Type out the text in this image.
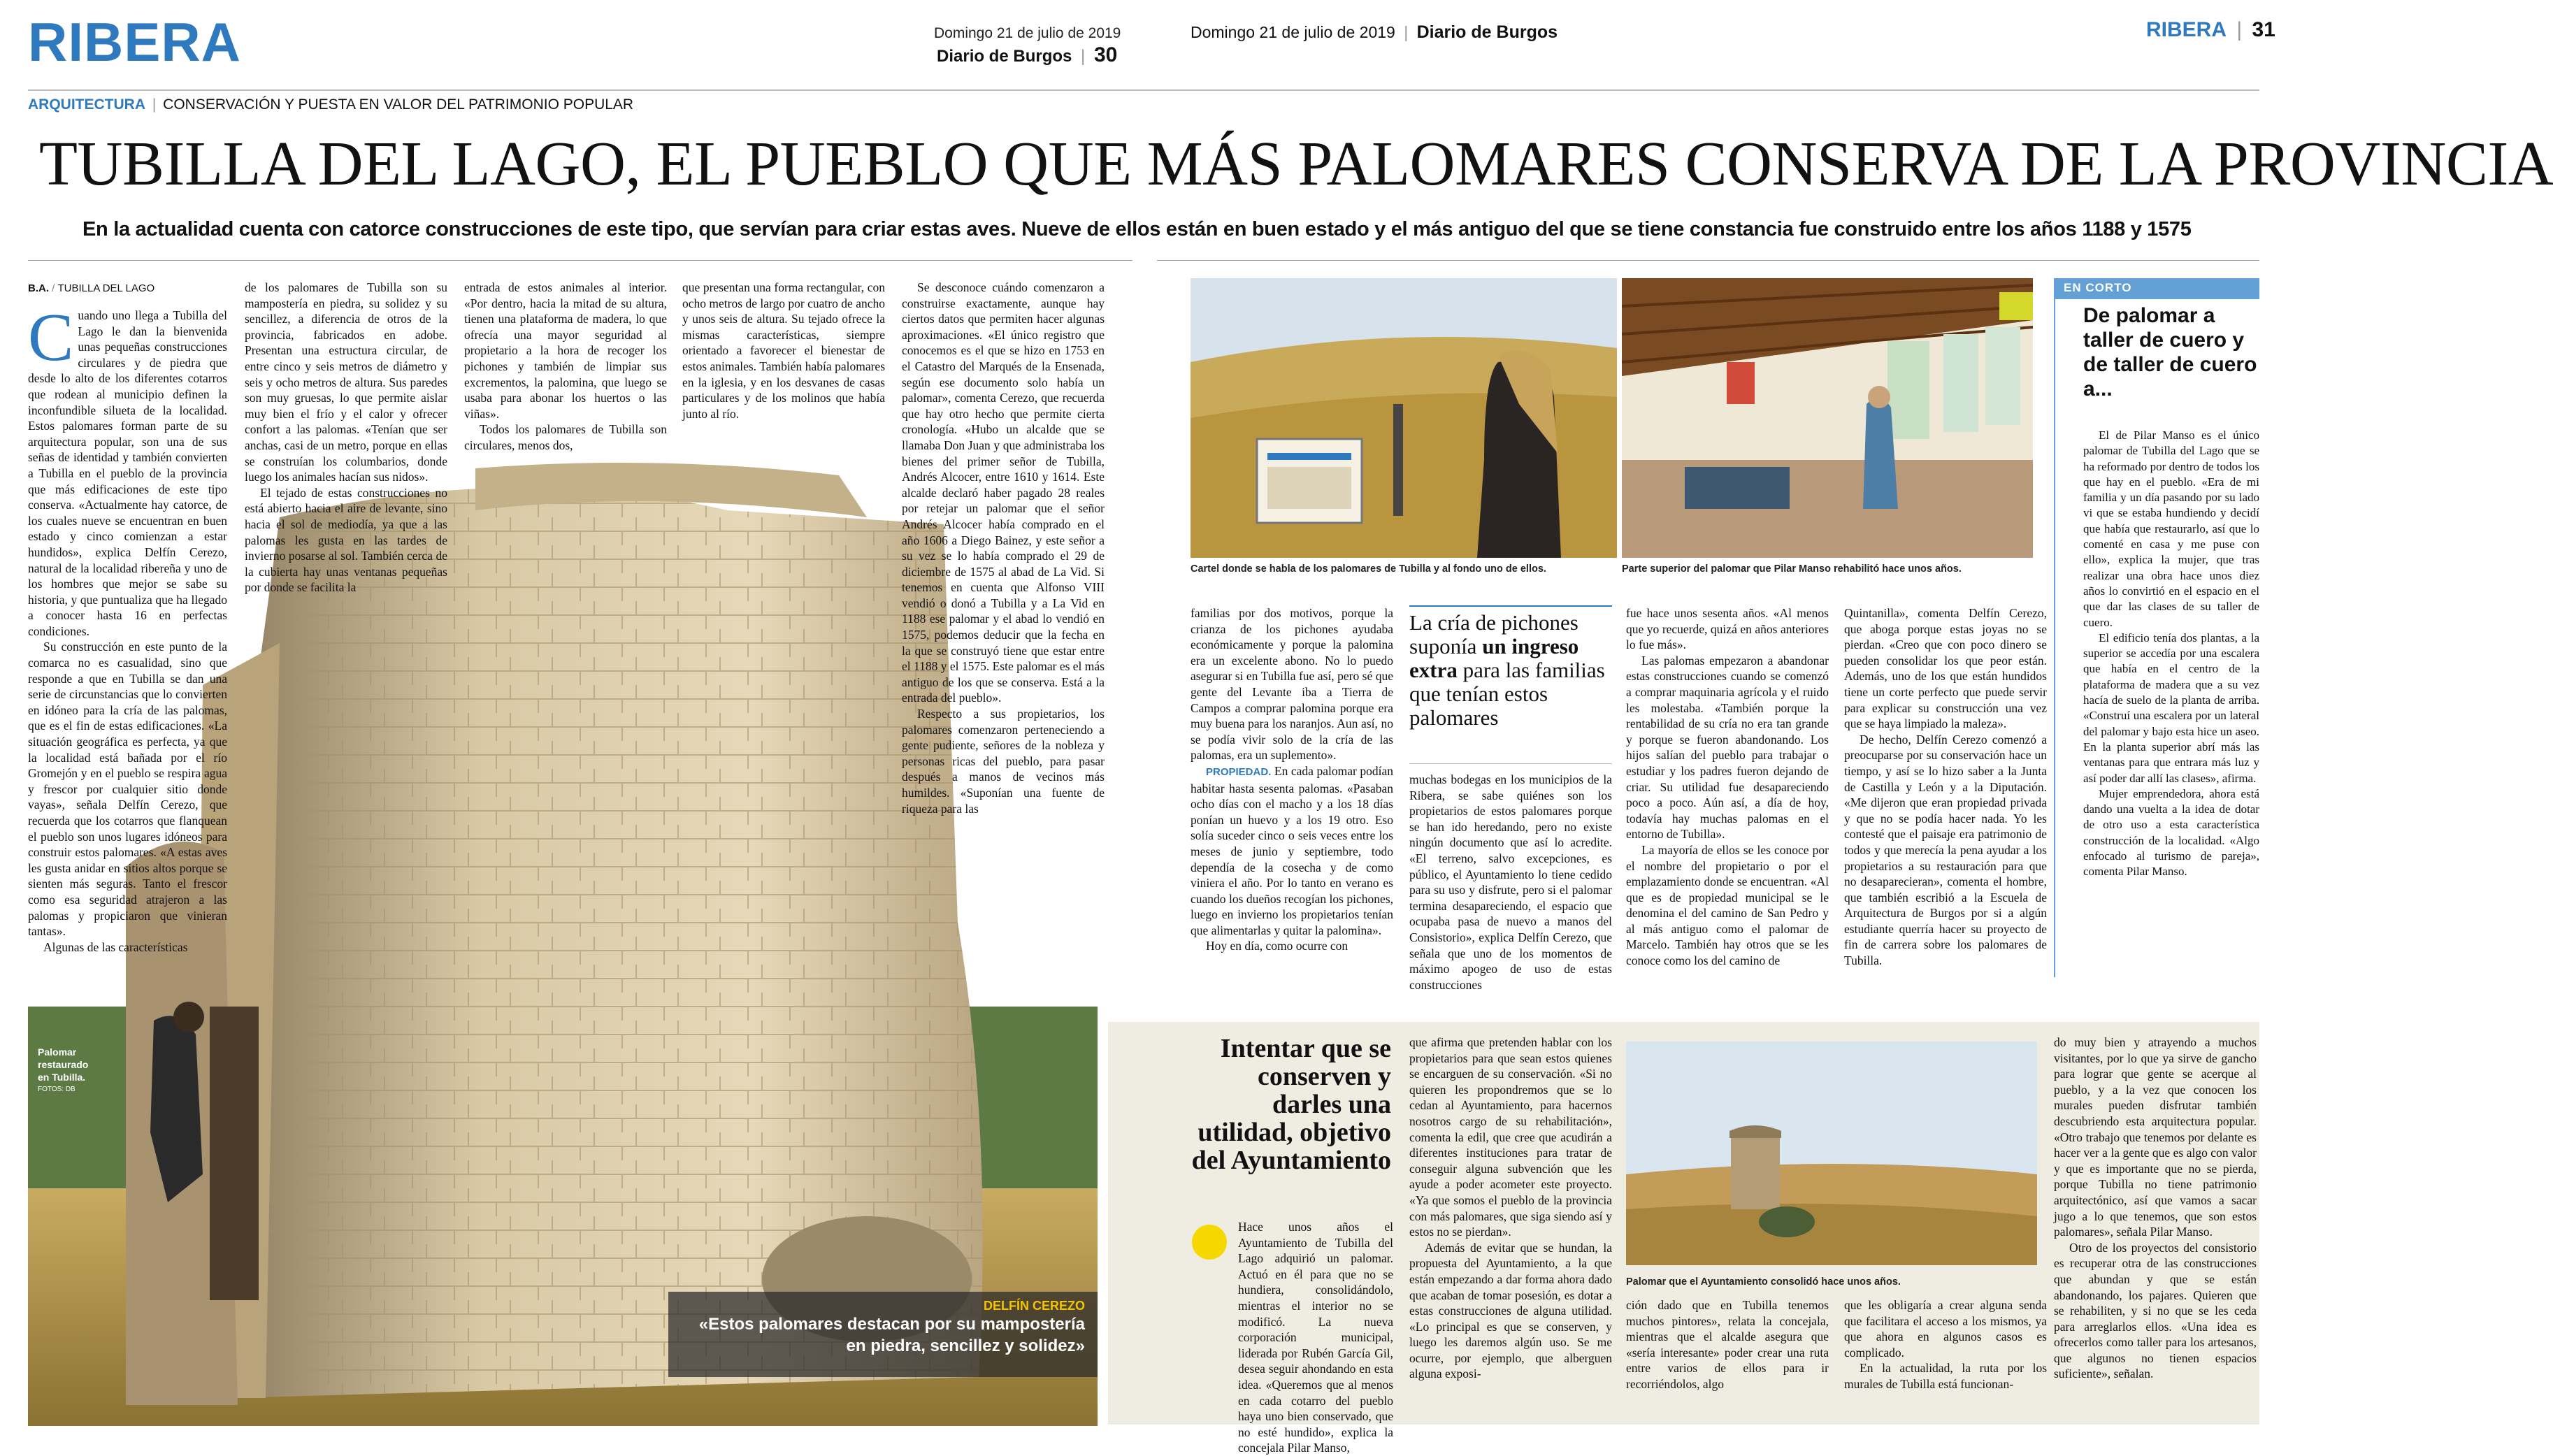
RIBERA	Domingo 21 de julio de 2019
Diario de Burgos | 30
Domingo 21 de julio de 2019 | Diario de Burgos	RIBERA | 31
ARQUITECTURA | CONSERVACIÓN Y PUESTA EN VALOR DEL PATRIMONIO POPULAR
TUBILLA DEL LAGO, EL PUEBLO QUE MÁS PALOMARES CONSERVA DE LA PROVINCIA
En la actualidad cuenta con catorce construcciones de este tipo, que servían para criar estas aves. Nueve de ellos están en buen estado y el más antiguo del que se tiene constancia fue construido entre los años 1188 y 1575
B.A. / TUBILLA DEL LAGO
Palomar
restaurado
en Tubilla.
FOTOS: DB
DELFÍN CEREZO
«Estos palomares destacan por su mampostería en piedra, sencillez y solidez»

Cuando uno llega a Tubilla del Lago le dan la bienvenida unas pequeñas construcciones circulares y de piedra que desde lo alto de los diferentes cotarros que rodean al municipio definen la inconfundible silueta de la localidad. Estos palomares forman parte de su arquitectura popular, son una de sus señas de identidad y también convierten a Tubilla en el pueblo de la provincia que más edificaciones de este tipo conserva. «Actualmente hay catorce, de los cuales nueve se encuentran en buen estado y cinco comienzan a estar hundidos», explica Delfín Cerezo, natural de la localidad ribereña y uno de los hombres que mejor se sabe su historia, y que puntualiza que ha llegado a conocer hasta 16 en perfectas condiciones.

Su construcción en este punto de la comarca no es casualidad, sino que responde a que en Tubilla se dan una serie de circunstancias que lo convierten en idóneo para la cría de las palomas, que es el fin de estas edificaciones. «La situación geográfica es perfecta, ya que la localidad está bañada por el río Gromejón y en el pueblo se respira agua y frescor por cualquier sitio donde vayas», señala Delfín Cerezo, que recuerda que los cotarros que flanquean el pueblo son unos lugares idóneos para construir estos palomares. «A estas aves les gusta anidar en sitios altos porque se sienten más seguras. Tanto el frescor como esa seguridad atrajeron a las palomas y propiciaron que vinieran tantas».

Algunas de las características

de los palomares de Tubilla son su mampostería en piedra, su solidez y su sencillez, a diferencia de otros de la provincia, fabricados en adobe. Presentan una estructura circular, de entre cinco y seis metros de diámetro y seis y ocho metros de altura. Sus paredes son muy gruesas, lo que permite aislar muy bien el frío y el calor y ofrecer confort a las palomas. «Tenían que ser anchas, casi de un metro, porque en ellas se construían los columbarios, donde luego los animales hacían sus nidos».

El tejado de estas construcciones no está abierto hacia el aire de levante, sino hacia el sol de mediodía, ya que a las palomas les gusta en las tardes de invierno posarse al sol. También cerca de la cubierta hay unas ventanas pequeñas por donde se facilita la

entrada de estos animales al interior. «Por dentro, hacia la mitad de su altura, tienen una plataforma de madera, lo que ofrecía una mayor seguridad al propietario a la hora de recoger los pichones y también de limpiar sus excrementos, la palomina, que luego se usaba para abonar los huertos o las viñas».

Todos los palomares de Tubilla son circulares, menos dos,

que presentan una forma rectangular, con ocho metros de largo por cuatro de ancho y unos seis de altura. Su tejado ofrece la mismas características, siempre orientado a favorecer el bienestar de estos animales. También había palomares en la iglesia, y en los desvanes de casas particulares y de los molinos que había junto al río.

Se desconoce cuándo comenzaron a construirse exactamente, aunque hay ciertos datos que permiten hacer algunas aproximaciones. «El único registro que conocemos es el que se hizo en 1753 en el Catastro del Marqués de la Ensenada, según ese documento solo había un palomar», comenta Cerezo, que recuerda que hay otro hecho que permite cierta cronología. «Hubo un alcalde que se llamaba Don Juan y que administraba los bienes del primer señor de Tubilla, Andrés Alcocer, entre 1610 y 1614. Este alcalde declaró haber pagado 28 reales por retejar un palomar que el señor Andrés Alcocer había comprado en el año 1606 a Diego Bainez, y este señor a su vez se lo había comprado el 29 de diciembre de 1575 al abad de La Vid. Si tenemos en cuenta que Alfonso VIII vendió o donó a Tubilla y a La Vid en 1188 ese palomar y el abad lo vendió en 1575, podemos deducir que la fecha en la que se construyó tiene que estar entre el 1188 y el 1575. Este palomar es el más antiguo de los que se conserva. Está a la entrada del pueblo».

Respecto a sus propietarios, los palomares comenzaron perteneciendo a gente pudiente, señores de la nobleza y personas ricas del pueblo, para pasar después a manos de vecinos más humildes. «Suponían una fuente de riqueza para las

Cartel donde se habla de los palomares de Tubilla y al fondo uno de ellos.	Parte superior del palomar que Pilar Manso rehabilitó hace unos años.

familias por dos motivos, porque la crianza de los pichones ayudaba económicamente y porque la palomina era un excelente abono. No lo puedo asegurar si en Tubilla fue así, pero sé que gente del Levante iba a Tierra de Campos a comprar palomina porque era muy buena para los naranjos. Aun así, no se podía vivir solo de la cría de las palomas, era un suplemento».

PROPIEDAD. En cada palomar podían habitar hasta sesenta palomas. «Pasaban ocho días con el macho y a los 18 días ponían un huevo y a los 19 otro. Eso solía suceder cinco o seis veces entre los meses de junio y septiembre, todo dependía de la cosecha y de como viniera el año. Por lo tanto en verano es cuando los dueños recogían los pichones, luego en invierno los propietarios tenían que alimentarlas y quitar la palomina».

Hoy en día, como ocurre con

La cría de pichones suponía un ingreso extra para las familias que tenían estos palomares

muchas bodegas en los municipios de la Ribera, se sabe quiénes son los propietarios de estos palomares porque se han ido heredando, pero no existe ningún documento que así lo acredite. «El terreno, salvo excepciones, es público, el Ayuntamiento lo tiene cedido para su uso y disfrute, pero si el palomar termina desapareciendo, el espacio que ocupaba pasa de nuevo a manos del Consistorio», explica Delfín Cerezo, que señala que uno de los momentos de máximo apogeo de uso de estas construcciones

fue hace unos sesenta años. «Al menos que yo recuerde, quizá en años anteriores lo fue más».

Las palomas empezaron a abandonar estas construcciones cuando se comenzó a comprar maquinaria agrícola y el ruido les molestaba. «También porque la rentabilidad de su cría no era tan grande y porque se fueron abandonando. Los hijos salían del pueblo para trabajar o estudiar y los padres fueron dejando de criar. Su utilidad fue desapareciendo poco a poco. Aún así, a día de hoy, todavía hay muchas palomas en el entorno de Tubilla».

La mayoría de ellos se les conoce por el nombre del propietario o por el emplazamiento donde se encuentran. «Al que es de propiedad municipal se le denomina el del camino de San Pedro y al más antiguo como el palomar de Marcelo. También hay otros que se les conoce como los del camino de

Quintanilla», comenta Delfín Cerezo, que aboga porque estas joyas no se pierdan. «Creo que con poco dinero se pueden consolidar los que peor están. Además, uno de los que están hundidos tiene un corte perfecto que puede servir para explicar su construcción una vez que se haya limpiado la maleza».

De hecho, Delfín Cerezo comenzó a preocuparse por su conservación hace un tiempo, y así se lo hizo saber a la Junta de Castilla y León y a la Diputación. «Me dijeron que eran propiedad privada y que no se podía hacer nada. Yo les contesté que el paisaje era patrimonio de todos y que merecía la pena ayudar a los propietarios a su restauración para que no desaparecieran», comenta el hombre, que también escribió a la Escuela de Arquitectura de Burgos por si a algún estudiante querría hacer su proyecto de fin de carrera sobre los palomares de Tubilla.

EN CORTO
De palomar a taller de cuero y de taller de cuero a...

El de Pilar Manso es el único palomar de Tubilla del Lago que se ha reformado por dentro de todos los que hay en el pueblo. «Era de mi familia y un día pasando por su lado vi que se estaba hundiendo y decidí que había que restaurarlo, así que lo comenté en casa y me puse con ello», explica la mujer, que tras realizar una obra hace unos diez años lo convirtió en el espacio en el que dar las clases de su taller de cuero.

El edificio tenía dos plantas, a la superior se accedía por una escalera que había en el centro de la plataforma de madera que a su vez hacía de suelo de la planta de arriba. «Construí una escalera por un lateral del palomar y bajo esta hice un aseo. En la planta superior abrí más las ventanas para que entrara más luz y así poder dar allí las clases», afirma.

Mujer emprendedora, ahora está dando una vuelta a la idea de dotar de otro uso a esta característica construcción de la localidad. «Algo enfocado al turismo de pareja», comenta Pilar Manso.

Intentar que se conserven y darles una utilidad, objetivo del Ayuntamiento

Hace unos años el Ayuntamiento de Tubilla del Lago adquirió un palomar. Actuó en él para que no se hundiera, consolidándolo, mientras el interior no se modificó. La nueva corporación municipal, liderada por Rubén García Gil, desea seguir ahondando en esta idea. «Queremos que al menos en cada cotarro del pueblo haya uno bien conservado, que no esté hundido», explica la concejala Pilar Manso,

que afirma que pretenden hablar con los propietarios para que sean estos quienes se encarguen de su conservación. «Si no quieren les propondremos que se lo cedan al Ayuntamiento, para hacernos nosotros cargo de su rehabilitación», comenta la edil, que cree que acudirán a diferentes instituciones para tratar de conseguir alguna subvención que les ayude a poder acometer este proyecto. «Ya que somos el pueblo de la provincia con más palomares, que siga siendo así y estos no se pierdan».

Además de evitar que se hundan, la propuesta del Ayuntamiento, a la que están empezando a dar forma ahora dado que acaban de tomar posesión, es dotar a estas construcciones de alguna utilidad. «Lo principal es que se conserven, y luego les daremos algún uso. Se me ocurre, por ejemplo, que alberguen alguna exposi-

Palomar que el Ayuntamiento consolidó hace unos años.

ción dado que en Tubilla tenemos muchos pintores», relata la concejala, mientras que el alcalde asegura que «sería interesante» poder crear una ruta entre varios de ellos para ir recorriéndolos, algo

que les obligaría a crear alguna senda que facilitara el acceso a los mismos, ya que ahora en algunos casos es complicado.

En la actualidad, la ruta por los murales de Tubilla está funcionan-

do muy bien y atrayendo a muchos visitantes, por lo que ya sirve de gancho para lograr que gente se acerque al pueblo, y a la vez que conocen los murales pueden disfrutar también descubriendo esta arquitectura popular. «Otro trabajo que tenemos por delante es hacer ver a la gente que es algo con valor y que es importante que no se pierda, porque Tubilla no tiene patrimonio arquitectónico, así que vamos a sacar jugo a lo que tenemos, que son estos palomares», señala Pilar Manso.

Otro de los proyectos del consistorio es recuperar otra de las construcciones que abundan y que se están abandonando, los pajares. Quieren que se rehabiliten, y si no que se les ceda para arreglarlos ellos. «Una idea es ofrecerlos como taller para los artesanos, que algunos no tienen espacios suficiente», señalan.
